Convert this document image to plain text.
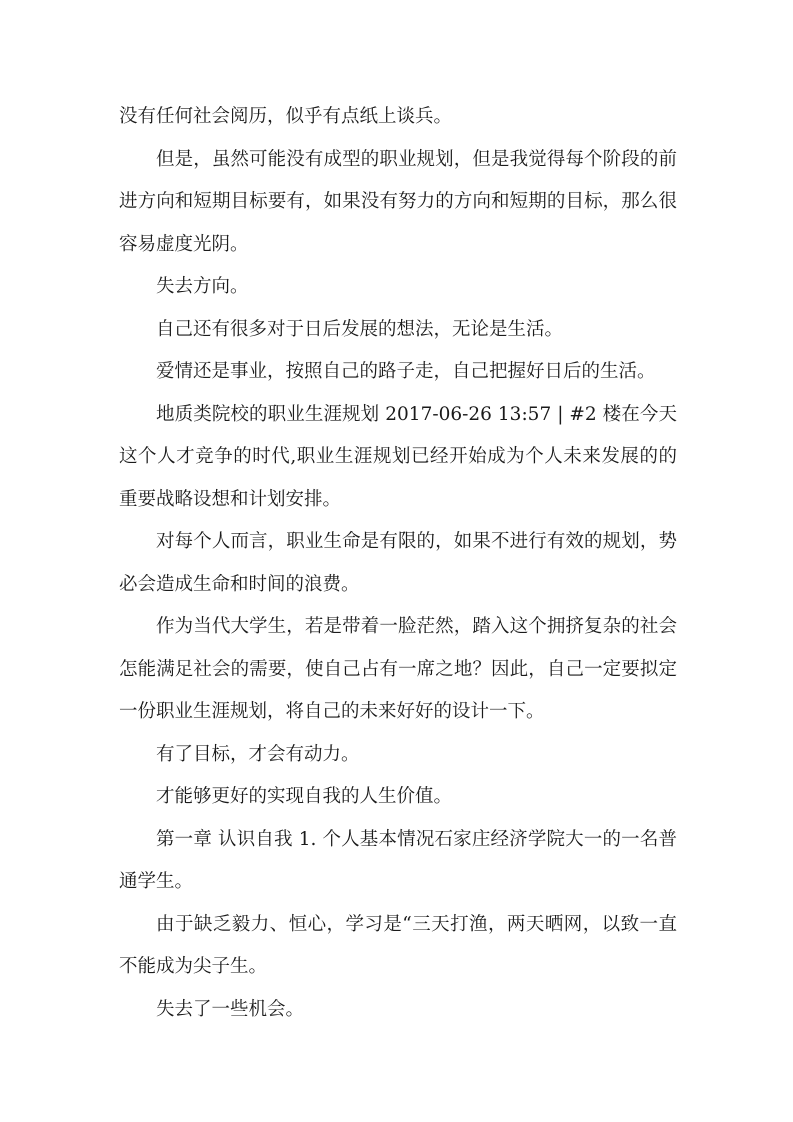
没有任何社会阅历，似乎有点纸上谈兵。

但是，虽然可能没有成型的职业规划，但是我觉得每个阶段的前进方向和短期目标要有，如果没有努力的方向和短期的目标，那么很容易虚度光阴。

失去方向。

自己还有很多对于日后发展的想法，无论是生活。

爱情还是事业，按照自己的路子走，自己把握好日后的生活。

地质类院校的职业生涯规划 2017-06-26 13:57 | #2 楼在今天这个人才竞争的时代,职业生涯规划已经开始成为个人未来发展的的重要战略设想和计划安排。

对每个人而言，职业生命是有限的，如果不进行有效的规划，势必会造成生命和时间的浪费。

作为当代大学生，若是带着一脸茫然，踏入这个拥挤复杂的社会怎能满足社会的需要，使自己占有一席之地？因此，自己一定要拟定一份职业生涯规划，将自己的未来好好的设计一下。

有了目标，才会有动力。

才能够更好的实现自我的人生价值。

第一章 认识自我 1. 个人基本情况石家庄经济学院大一的一名普通学生。

由于缺乏毅力、恒心，学习是“三天打渔，两天晒网，以致一直不能成为尖子生。

失去了一些机会。
